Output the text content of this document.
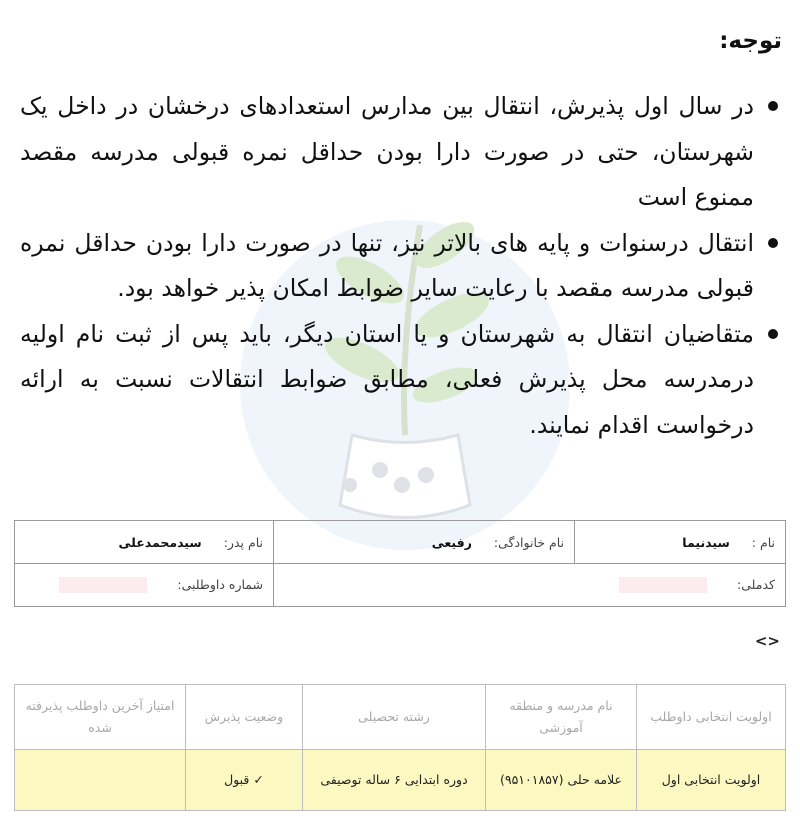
توجه:
در سال اول پذیرش، انتقال بین مدارس استعدادهای درخشان در داخل یک شهرستان، حتی در صورت دارا بودن حداقل نمره قبولی مدرسه مقصد ممنوع است
انتقال درسنوات و پایه های بالاتر نیز، تنها در صورت دارا بودن حداقل نمره قبولی مدرسه مقصد با رعایت سایر ضوابط امکان پذیر خواهد بود.
متقاضیان انتقال به شهرستان و یا استان دیگر، باید پس از ثبت نام اولیه درمدرسه محل پذیرش فعلی، مطابق ضوابط انتقالات نسبت به ارائه درخواست اقدام نمایند.
نام : سیدنیما	نام خانوادگی: رفیعی	نام پدر: سیدمحمدعلی
کدملی:		شماره داوطلبی:
<>
اولویت انتخابی داوطلب	نام مدرسه و منطقه آموزشی	رشته تحصیلی	وضعیت پذیرش	امتیاز آخرین داوطلب پذیرفته شده
اولویت انتخابی اول	علامه حلی (۹۵۱۰۱۸۵۷)	دوره ابتدایی ۶ ساله توصیفی	✓ قبول	
